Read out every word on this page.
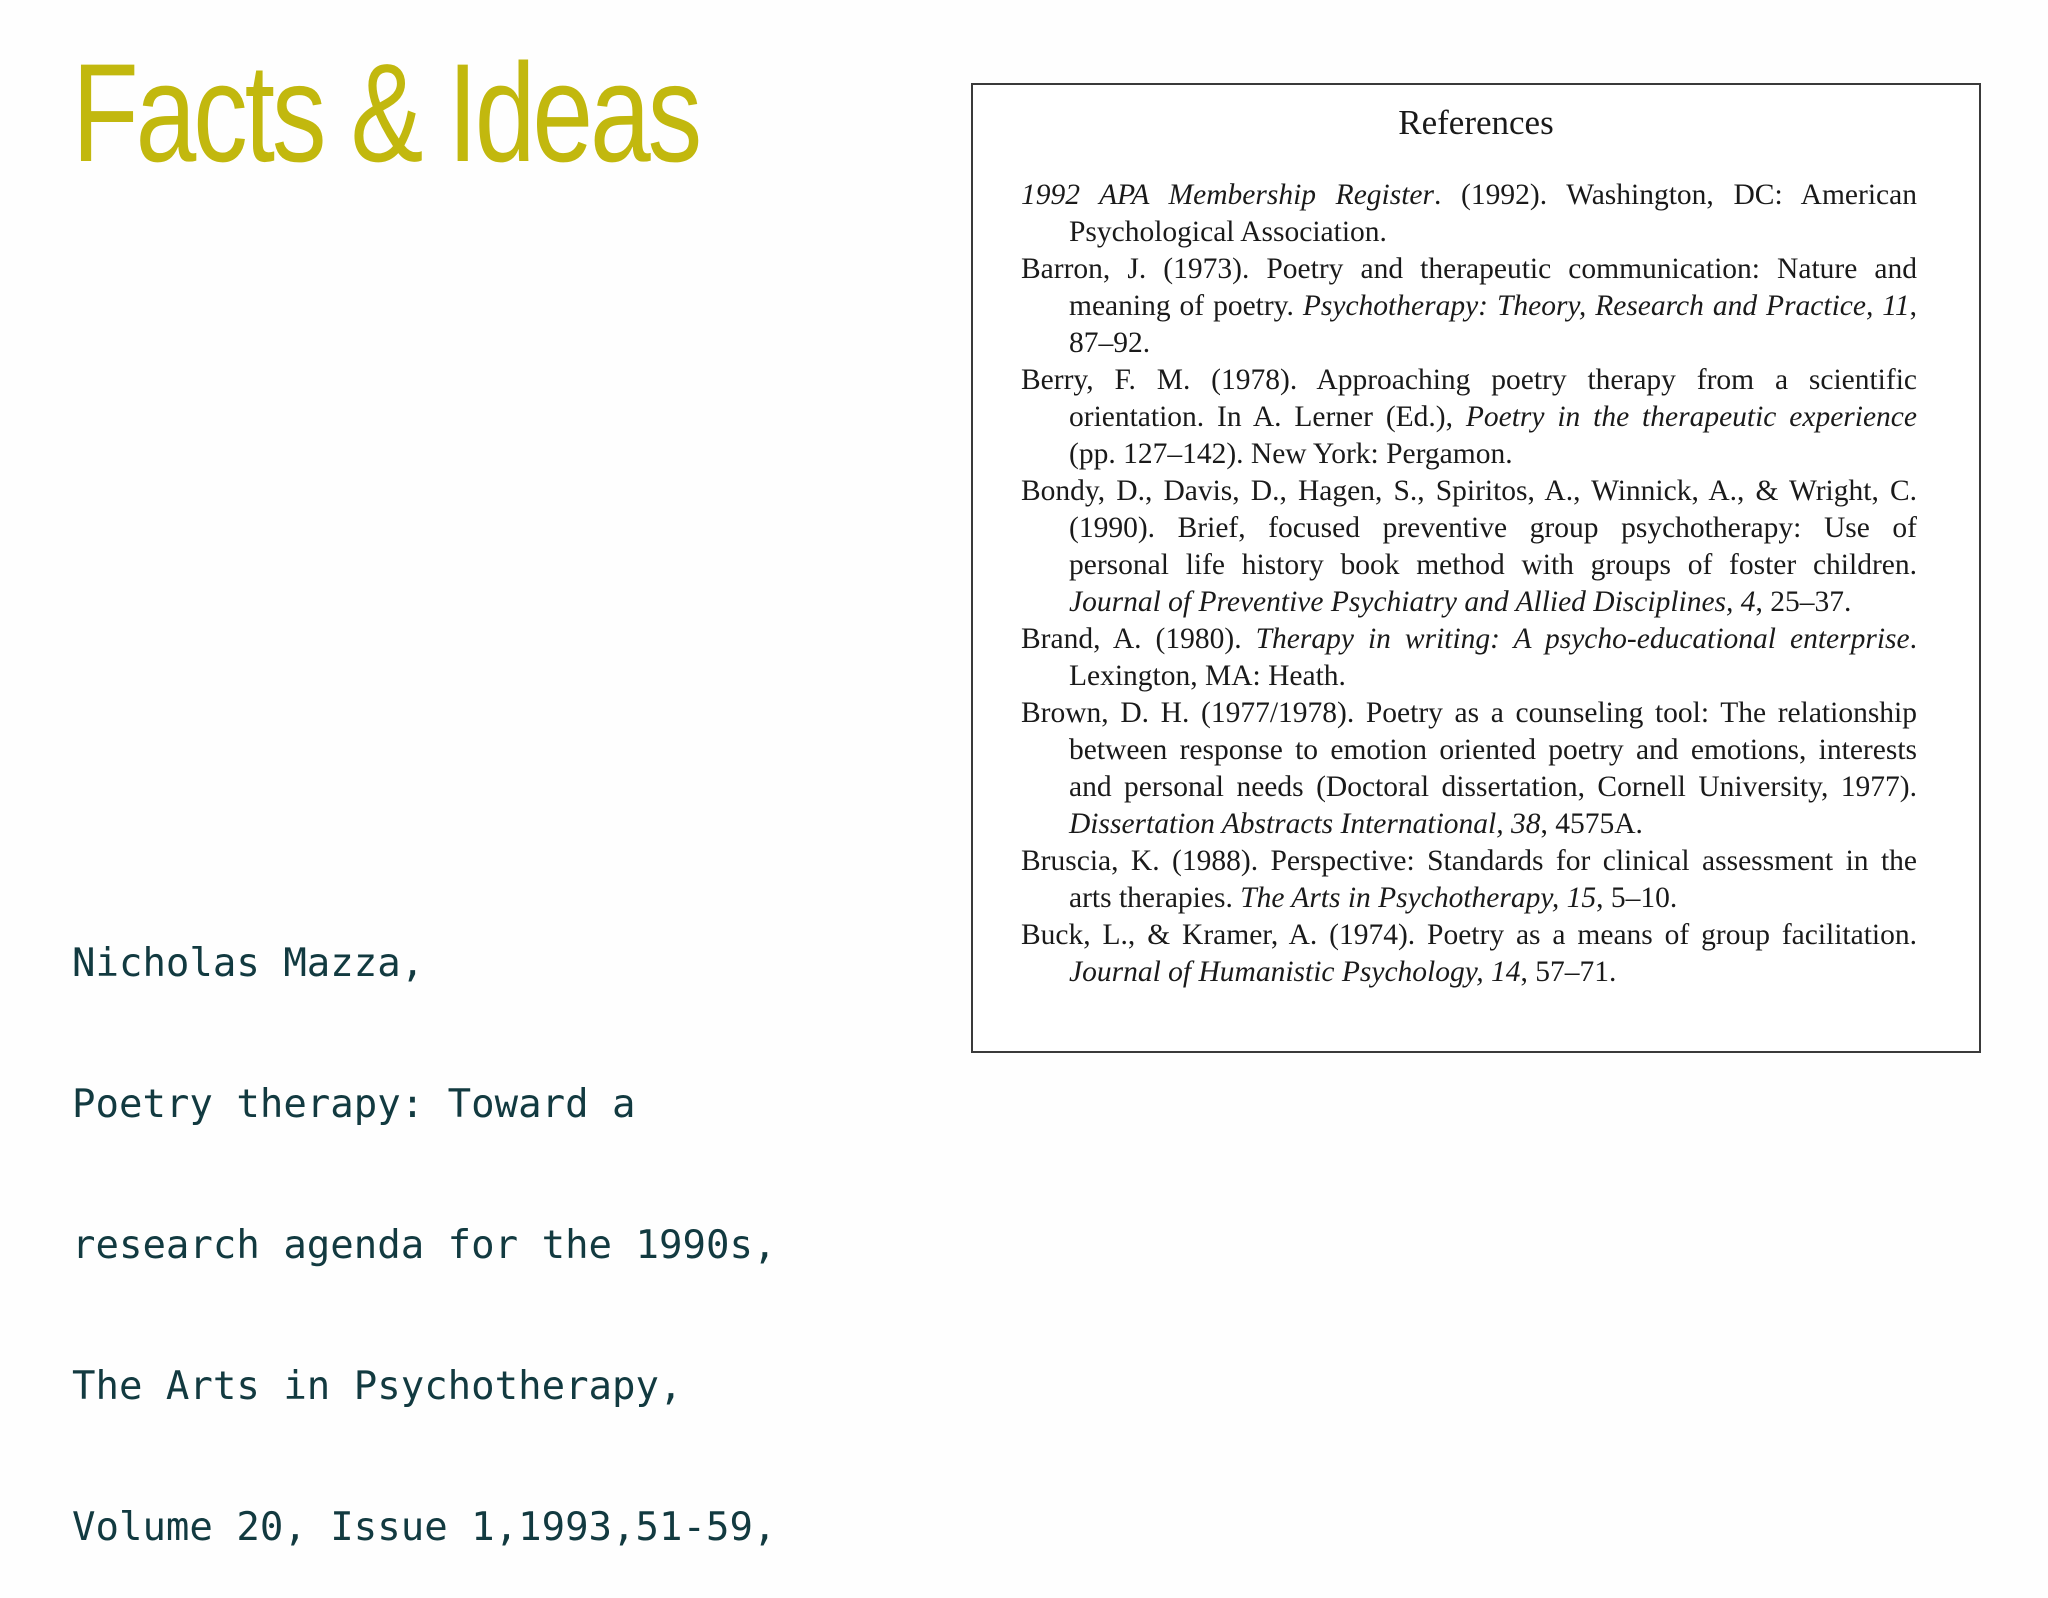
Facts & Ideas

Nicholas Mazza,

Poetry therapy: Toward a

research agenda for the 1990s,

The Arts in Psychotherapy,

Volume 20, Issue 1,1993,51-59,

References

1992 APA Membership Register. (1992). Washington, DC: American Psychological Association.

Barron, J. (1973). Poetry and therapeutic communication: Nature and meaning of poetry. Psychotherapy: Theory, Research and Practice, 11, 87–92.

Berry, F. M. (1978). Approaching poetry therapy from a scientific orientation. In A. Lerner (Ed.), Poetry in the therapeutic experience (pp. 127–142). New York: Pergamon.

Bondy, D., Davis, D., Hagen, S., Spiritos, A., Winnick, A., & Wright, C. (1990). Brief, focused preventive group psychotherapy: Use of personal life history book method with groups of foster children. Journal of Preventive Psychiatry and Allied Disciplines, 4, 25–37.

Brand, A. (1980). Therapy in writing: A psycho-educational enterprise. Lexington, MA: Heath.

Brown, D. H. (1977/1978). Poetry as a counseling tool: The relationship between response to emotion oriented poetry and emotions, interests and personal needs (Doctoral dissertation, Cornell University, 1977). Dissertation Abstracts International, 38, 4575A.

Bruscia, K. (1988). Perspective: Standards for clinical assessment in the arts therapies. The Arts in Psychotherapy, 15, 5–10.

Buck, L., & Kramer, A. (1974). Poetry as a means of group facilitation. Journal of Humanistic Psychology, 14, 57–71.
